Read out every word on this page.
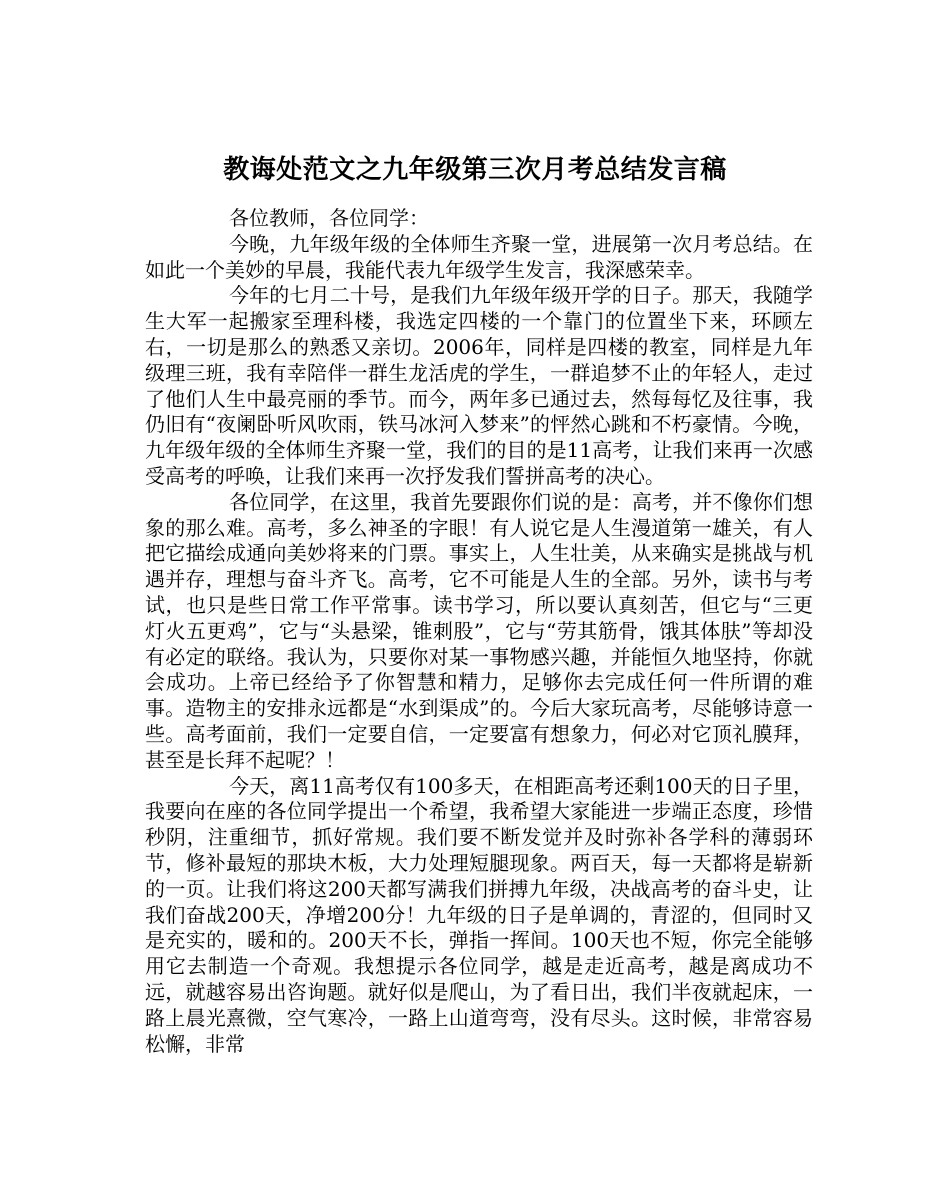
教诲处范文之九年级第三次月考总结发言稿

各位教师，各位同学：

今晚，九年级年级的全体师生齐聚一堂，进展第一次月考总结。在如此一个美妙的早晨，我能代表九年级学生发言，我深感荣幸。

今年的七月二十号，是我们九年级年级开学的日子。那天，我随学生大军一起搬家至理科楼，我选定四楼的一个靠门的位置坐下来，环顾左右，一切是那么的熟悉又亲切。2006年，同样是四楼的教室，同样是九年级理三班，我有幸陪伴一群生龙活虎的学生，一群追梦不止的年轻人，走过了他们人生中最亮丽的季节。而今，两年多已通过去，然每每忆及往事，我仍旧有“夜阑卧听风吹雨，铁马冰河入梦来”的怦然心跳和不朽豪情。今晚，九年级年级的全体师生齐聚一堂，我们的目的是11高考，让我们来再一次感受高考的呼唤，让我们来再一次抒发我们誓拼高考的决心。

各位同学，在这里，我首先要跟你们说的是：高考，并不像你们想象的那么难。高考，多么神圣的字眼！有人说它是人生漫道第一雄关，有人把它描绘成通向美妙将来的门票。事实上，人生壮美，从来确实是挑战与机遇并存，理想与奋斗齐飞。高考，它不可能是人生的全部。另外，读书与考试，也只是些日常工作平常事。读书学习，所以要认真刻苦，但它与“三更灯火五更鸡”，它与“头悬梁，锥刺股”，它与“劳其筋骨，饿其体肤”等却没有必定的联络。我认为，只要你对某一事物感兴趣，并能恒久地坚持，你就会成功。上帝已经给予了你智慧和精力，足够你去完成任何一件所谓的难事。造物主的安排永远都是“水到渠成”的。今后大家玩高考，尽能够诗意一些。高考面前，我们一定要自信，一定要富有想象力，何必对它顶礼膜拜，甚至是长拜不起呢？！

今天，离11高考仅有100多天，在相距高考还剩100天的日子里，我要向在座的各位同学提出一个希望，我希望大家能进一步端正态度，珍惜秒阴，注重细节，抓好常规。我们要不断发觉并及时弥补各学科的薄弱环节，修补最短的那块木板，大力处理短腿现象。两百天，每一天都将是崭新的一页。让我们将这200天都写满我们拼搏九年级，决战高考的奋斗史，让我们奋战200天，净增200分！九年级的日子是单调的，青涩的，但同时又是充实的，暖和的。200天不长，弹指一挥间。100天也不短，你完全能够用它去制造一个奇观。我想提示各位同学，越是走近高考，越是离成功不远，就越容易出咨询题。就好似是爬山，为了看日出，我们半夜就起床，一路上晨光熹微，空气寒冷，一路上山道弯弯，没有尽头。这时候，非常容易松懈，非常
